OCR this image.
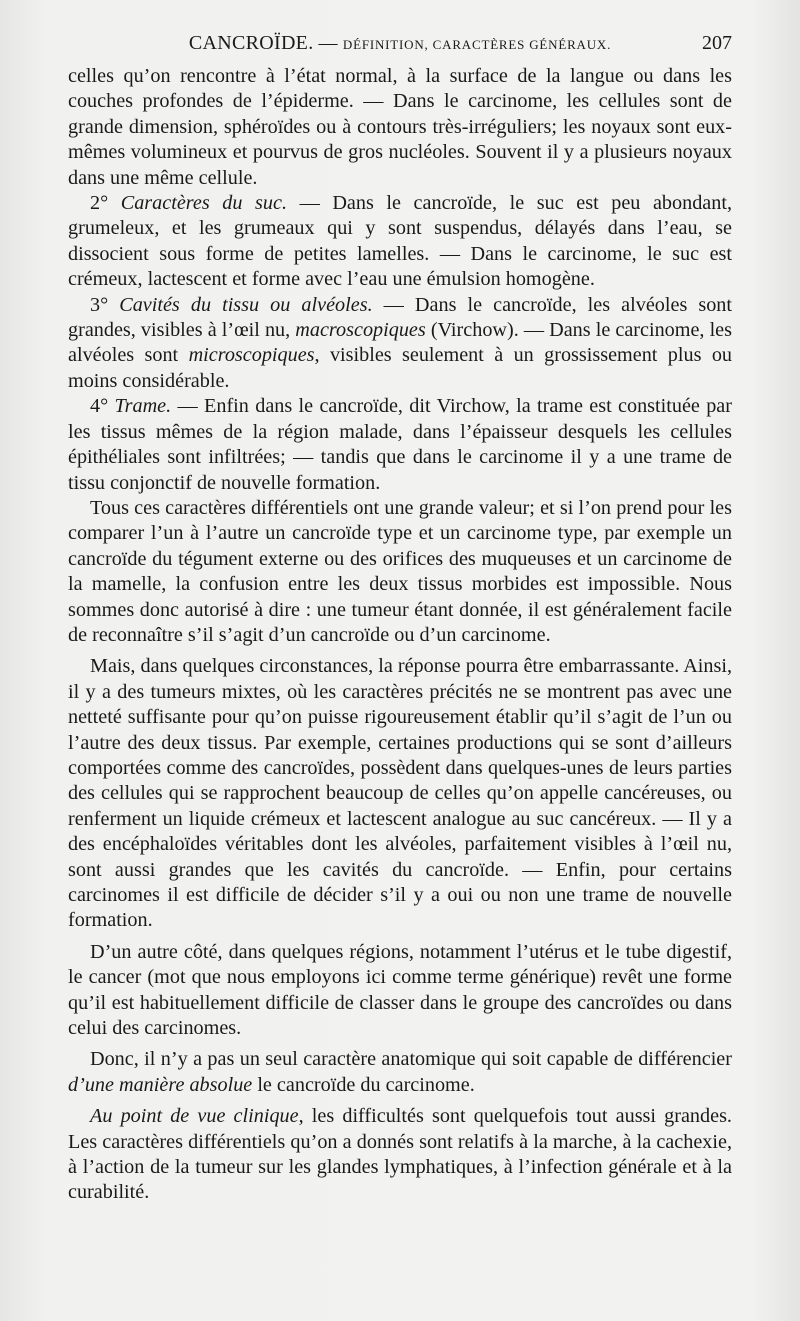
CANCROÏDE. — DÉFINITION, CARACTÈRES GÉNÉRAUX.	207

celles qu’on rencontre à l’état normal, à la surface de la langue ou dans les couches profondes de l’épiderme. — Dans le carcinome, les cellules sont de grande dimension, sphéroïdes ou à contours très-irréguliers; les noyaux sont eux-mêmes volumineux et pourvus de gros nucléoles. Souvent il y a plusieurs noyaux dans une même cellule.

2° Caractères du suc. — Dans le cancroïde, le suc est peu abondant, grumeleux, et les grumeaux qui y sont suspendus, délayés dans l’eau, se dissocient sous forme de petites lamelles. — Dans le carcinome, le suc est crémeux, lactescent et forme avec l’eau une émulsion homogène.

3° Cavités du tissu ou alvéoles. — Dans le cancroïde, les alvéoles sont grandes, visibles à l’œil nu, macroscopiques (Virchow). — Dans le carcinome, les alvéoles sont microscopiques, visibles seulement à un grossissement plus ou moins considérable.

4° Trame. — Enfin dans le cancroïde, dit Virchow, la trame est constituée par les tissus mêmes de la région malade, dans l’épaisseur desquels les cellules épithéliales sont infiltrées; — tandis que dans le carcinome il y a une trame de tissu conjonctif de nouvelle formation.

Tous ces caractères différentiels ont une grande valeur; et si l’on prend pour les comparer l’un à l’autre un cancroïde type et un carcinome type, par exemple un cancroïde du tégument externe ou des orifices des muqueuses et un carcinome de la mamelle, la confusion entre les deux tissus morbides est impossible. Nous sommes donc autorisé à dire : une tumeur étant donnée, il est généralement facile de reconnaître s’il s’agit d’un cancroïde ou d’un carcinome.

Mais, dans quelques circonstances, la réponse pourra être embarrassante. Ainsi, il y a des tumeurs mixtes, où les caractères précités ne se montrent pas avec une netteté suffisante pour qu’on puisse rigoureusement établir qu’il s’agit de l’un ou l’autre des deux tissus. Par exemple, certaines productions qui se sont d’ailleurs comportées comme des cancroïdes, possèdent dans quelques-unes de leurs parties des cellules qui se rapprochent beaucoup de celles qu’on appelle cancéreuses, ou renferment un liquide crémeux et lactescent analogue au suc cancéreux. — Il y a des encéphaloïdes véritables dont les alvéoles, parfaitement visibles à l’œil nu, sont aussi grandes que les cavités du cancroïde. — Enfin, pour certains carcinomes il est difficile de décider s’il y a oui ou non une trame de nouvelle formation.

D’un autre côté, dans quelques régions, notamment l’utérus et le tube digestif, le cancer (mot que nous employons ici comme terme générique) revêt une forme qu’il est habituellement difficile de classer dans le groupe des cancroïdes ou dans celui des carcinomes.

Donc, il n’y a pas un seul caractère anatomique qui soit capable de différencier d’une manière absolue le cancroïde du carcinome.

Au point de vue clinique, les difficultés sont quelquefois tout aussi grandes. Les caractères différentiels qu’on a donnés sont relatifs à la marche, à la cachexie, à l’action de la tumeur sur les glandes lymphatiques, à l’infection générale et à la curabilité.
